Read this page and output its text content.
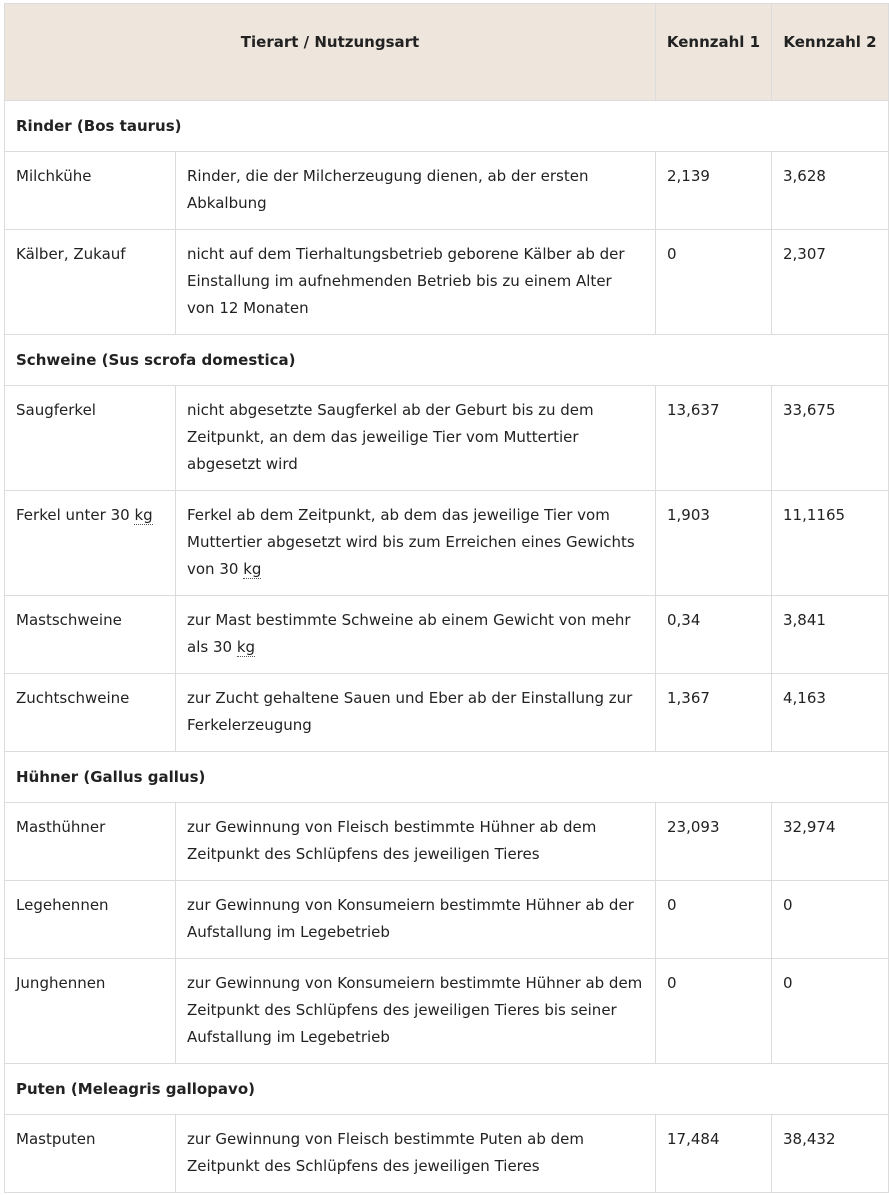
Tierart / Nutzungsart		Kennzahl 1	Kennzahl 2
Rinder (Bos taurus)			
Milchkühe	Rinder, die der Milcherzeugung dienen, ab der ersten Abkalbung	2,139	3,628
Kälber, Zukauf	nicht auf dem Tierhaltungsbetrieb geborene Kälber ab der Einstallung im aufnehmenden Betrieb bis zu einem Alter von 12 Monaten	0	2,307
Schweine (Sus scrofa domestica)			
Saugferkel	nicht abgesetzte Saugferkel ab der Geburt bis zu dem Zeitpunkt, an dem das jeweilige Tier vom Muttertier abgesetzt wird	13,637	33,675
Ferkel unter 30 kg	Ferkel ab dem Zeitpunkt, ab dem das jeweilige Tier vom Muttertier abgesetzt wird bis zum Erreichen eines Gewichts von 30 kg	1,903	11,1165
Mastschweine	zur Mast bestimmte Schweine ab einem Gewicht von mehr als 30 kg	0,34	3,841
Zuchtschweine	zur Zucht gehaltene Sauen und Eber ab der Einstallung zur Ferkelerzeugung	1,367	4,163
Hühner (Gallus gallus)			
Masthühner	zur Gewinnung von Fleisch bestimmte Hühner ab dem Zeitpunkt des Schlüpfens des jeweiligen Tieres	23,093	32,974
Legehennen	zur Gewinnung von Konsumeiern bestimmte Hühner ab der Aufstallung im Legebetrieb	0	0
Junghennen	zur Gewinnung von Konsumeiern bestimmte Hühner ab dem Zeitpunkt des Schlüpfens des jeweiligen Tieres bis seiner Aufstallung im Legebetrieb	0	0
Puten (Meleagris gallopavo)			
Mastputen	zur Gewinnung von Fleisch bestimmte Puten ab dem Zeitpunkt des Schlüpfens des jeweiligen Tieres	17,484	38,432
